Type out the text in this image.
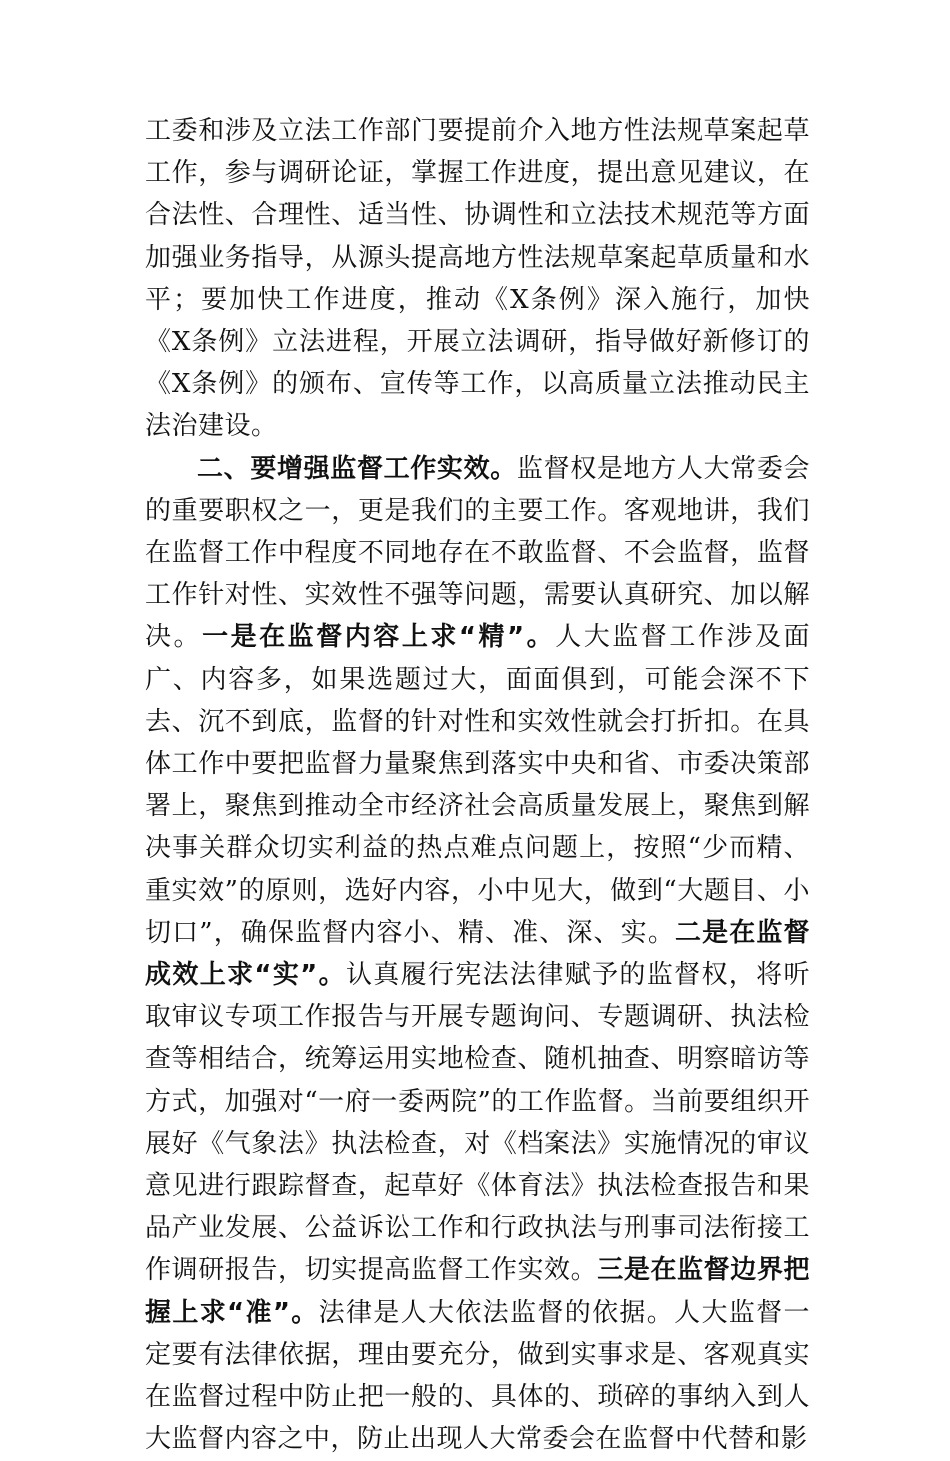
工委和涉及立法工作部门要提前介入地方性法规草案起草工作，参与调研论证，掌握工作进度，提出意见建议，在合法性、合理性、适当性、协调性和立法技术规范等方面加强业务指导，从源头提高地方性法规草案起草质量和水平；要加快工作进度，推动《X条例》深入施行，加快《X条例》立法进程，开展立法调研，指导做好新修订的《X条例》的颁布、宣传等工作，以高质量立法推动民主法治建设。

二、要增强监督工作实效。监督权是地方人大常委会的重要职权之一，更是我们的主要工作。客观地讲，我们在监督工作中程度不同地存在不敢监督、不会监督，监督工作针对性、实效性不强等问题，需要认真研究、加以解决。一是在监督内容上求“精”。人大监督工作涉及面广、内容多，如果选题过大，面面俱到，可能会深不下去、沉不到底，监督的针对性和实效性就会打折扣。在具体工作中要把监督力量聚焦到落实中央和省、市委决策部署上，聚焦到推动全市经济社会高质量发展上，聚焦到解决事关群众切实利益的热点难点问题上，按照“少而精、重实效”的原则，选好内容，小中见大，做到“大题目、小切口”，确保监督内容小、精、准、深、实。二是在监督成效上求“实”。认真履行宪法法律赋予的监督权，将听取审议专项工作报告与开展专题询问、专题调研、执法检查等相结合，统筹运用实地检查、随机抽查、明察暗访等方式，加强对“一府一委两院”的工作监督。当前要组织开展好《气象法》执法检查，对《档案法》实施情况的审议意见进行跟踪督查，起草好《体育法》执法检查报告和果品产业发展、公益诉讼工作和行政执法与刑事司法衔接工作调研报告，切实提高监督工作实效。三是在监督边界把握上求“准”。法律是人大依法监督的依据。人大监督一定要有法律依据，理由要充分，做到实事求是、客观真实在监督过程中防止把一般的、具体的、琐碎的事纳入到人大监督内容之中，防止出现人大常委会在监督中代替和影
